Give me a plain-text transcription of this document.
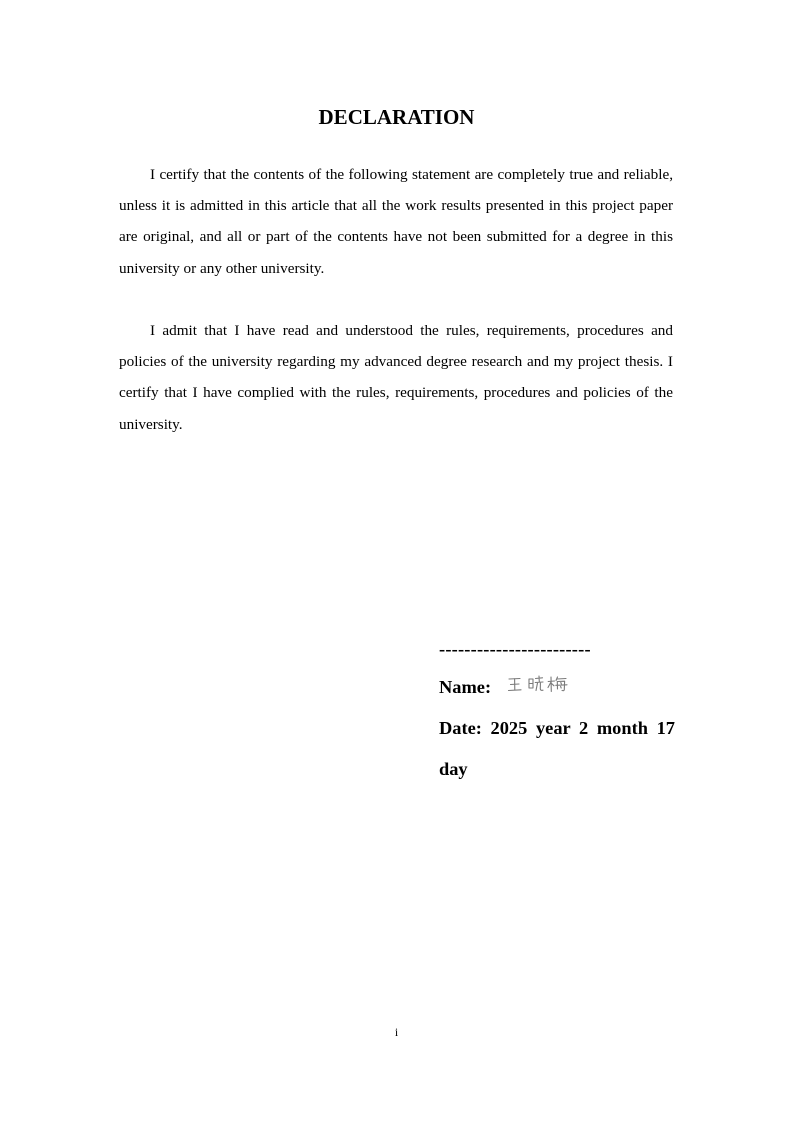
DECLARATION

I certify that the contents of the following statement are completely true and reliable, unless it is admitted in this article that all the work results presented in this project paper are original, and all or part of the contents have not been submitted for a degree in this university or any other university.

I admit that I have read and understood the rules, requirements, procedures and policies of the university regarding my advanced degree research and my project thesis. I certify that I have complied with the rules, requirements, procedures and policies of the university.

------------------------
Name:
Date: 2025 year 2 month 17 day
i
